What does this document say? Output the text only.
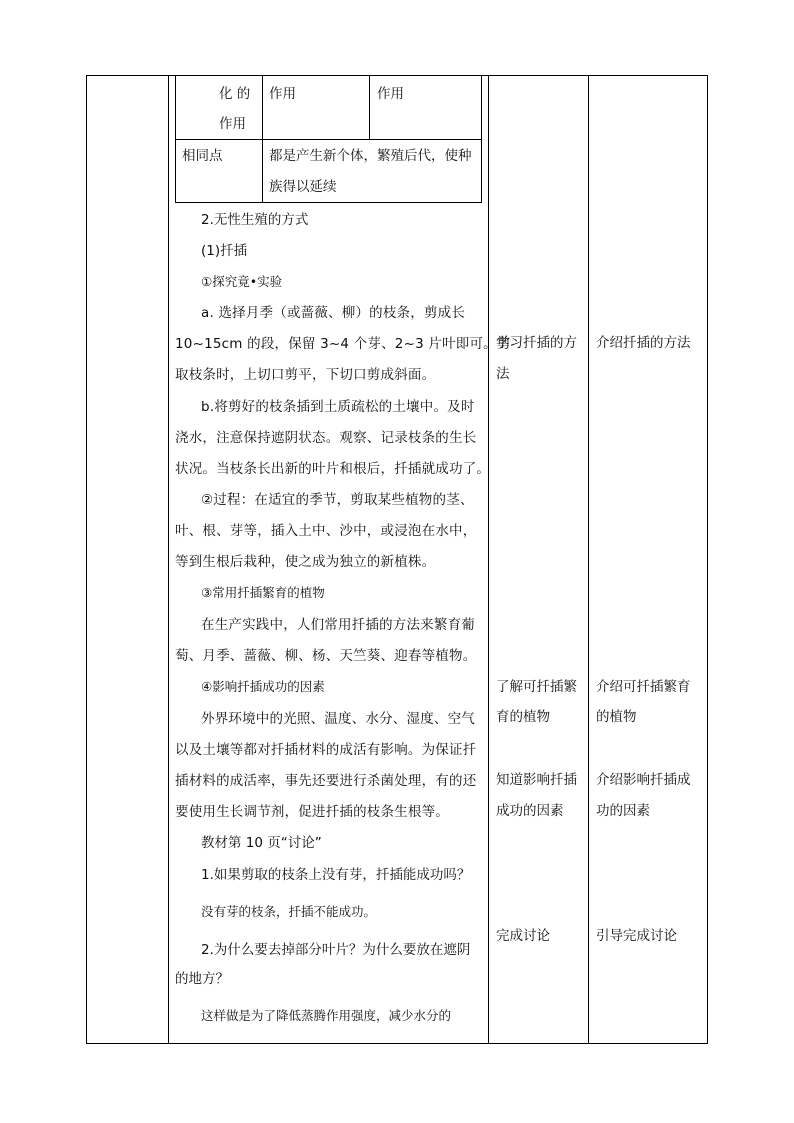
化 的
作用
作用	作用
相同点	都是产生新个体，繁殖后代，使种
族得以延续
2.无性生殖的方式
(1)扦插
①探究竟•实验
a. 选择月季（或蔷薇、柳）的枝条，剪成长
10~15cm 的段，保留 3~4 个芽、2~3 片叶即可。剪
取枝条时，上切口剪平，下切口剪成斜面。
b.将剪好的枝条插到土质疏松的土壤中。及时
浇水，注意保持遮阴状态。观察、记录枝条的生长
状况。当枝条长出新的叶片和根后，扦插就成功了。
②过程：在适宜的季节，剪取某些植物的茎、
叶、根、芽等，插入土中、沙中，或浸泡在水中，
等到生根后栽种，使之成为独立的新植株。
③常用扦插繁育的植物
在生产实践中，人们常用扦插的方法来繁育葡
萄、月季、蔷薇、柳、杨、天竺葵、迎春等植物。
④影响扦插成功的因素
外界环境中的光照、温度、水分、湿度、空气
以及土壤等都对扦插材料的成活有影响。为保证扦
插材料的成活率，事先还要进行杀菌处理，有的还
要使用生长调节剂，促进扦插的枝条生根等。
教材第 10 页“讨论”
1.如果剪取的枝条上没有芽，扦插能成功吗？
没有芽的枝条，扦插不能成功。
2.为什么要去掉部分叶片？为什么要放在遮阴
的地方？
这样做是为了降低蒸腾作用强度，减少水分的
学习扦插的方
法
了解可扦插繁
育的植物
知道影响扦插
成功的因素
完成讨论
介绍扦插的方法
介绍可扦插繁育
的植物
介绍影响扦插成
功的因素
引导完成讨论
